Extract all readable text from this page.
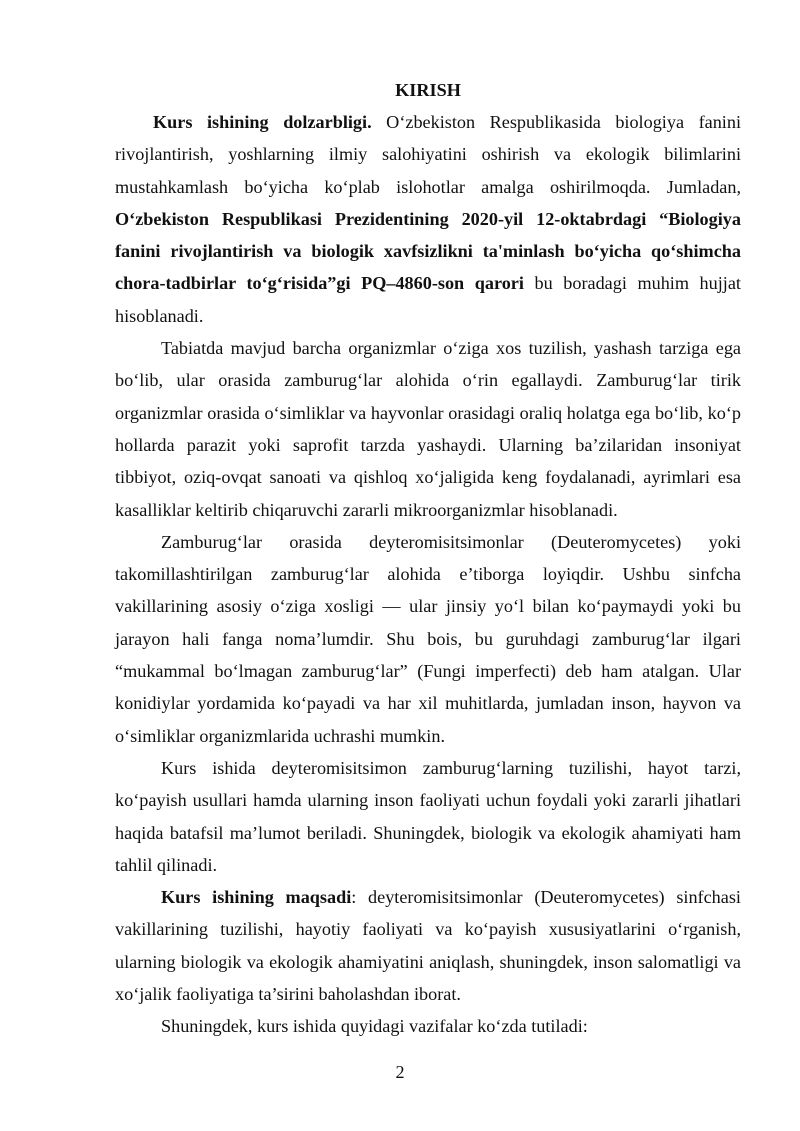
KIRISH

Kurs ishining dolzarbligi. O‘zbekiston Respublikasida biologiya fanini rivojlantirish, yoshlarning ilmiy salohiyatini oshirish va ekologik bilimlarini mustahkamlash bo‘yicha ko‘plab islohotlar amalga oshirilmoqda. Jumladan, O‘zbekiston Respublikasi Prezidentining 2020-yil 12-oktabrdagi “Biologiya fanini rivojlantirish va biologik xavfsizlikni ta'minlash bo‘yicha qo‘shimcha chora-tadbirlar to‘g‘risida”gi PQ–4860-son qarori bu boradagi muhim hujjat hisoblanadi.

Tabiatda mavjud barcha organizmlar o‘ziga xos tuzilish, yashash tarziga ega bo‘lib, ular orasida zamburug‘lar alohida o‘rin egallaydi. Zamburug‘lar tirik organizmlar orasida o‘simliklar va hayvonlar orasidagi oraliq holatga ega bo‘lib, ko‘p hollarda parazit yoki saprofit tarzda yashaydi. Ularning ba’zilaridan insoniyat tibbiyot, oziq-ovqat sanoati va qishloq xo‘jaligida keng foydalanadi, ayrimlari esa kasalliklar keltirib chiqaruvchi zararli mikroorganizmlar hisoblanadi.

Zamburug‘lar orasida deyteromisitsimonlar (Deuteromycetes) yoki takomillashtirilgan zamburug‘lar alohida e’tiborga loyiqdir. Ushbu sinfcha vakillarining asosiy o‘ziga xosligi — ular jinsiy yo‘l bilan ko‘paymaydi yoki bu jarayon hali fanga noma’lumdir. Shu bois, bu guruhdagi zamburug‘lar ilgari “mukammal bo‘lmagan zamburug‘lar” (Fungi imperfecti) deb ham atalgan. Ular konidiylar yordamida ko‘payadi va har xil muhitlarda, jumladan inson, hayvon va o‘simliklar organizmlarida uchrashi mumkin.

Kurs ishida deyteromisitsimon zamburug‘larning tuzilishi, hayot tarzi, ko‘payish usullari hamda ularning inson faoliyati uchun foydali yoki zararli jihatlari haqida batafsil ma’lumot beriladi. Shuningdek, biologik va ekologik ahamiyati ham tahlil qilinadi.

Kurs ishining maqsadi: deyteromisitsimonlar (Deuteromycetes) sinfchasi vakillarining tuzilishi, hayotiy faoliyati va ko‘payish xususiyatlarini o‘rganish, ularning biologik va ekologik ahamiyatini aniqlash, shuningdek, inson salomatligi va xo‘jalik faoliyatiga ta’sirini baholashdan iborat.

Shuningdek, kurs ishida quyidagi vazifalar ko‘zda tutiladi:

2
